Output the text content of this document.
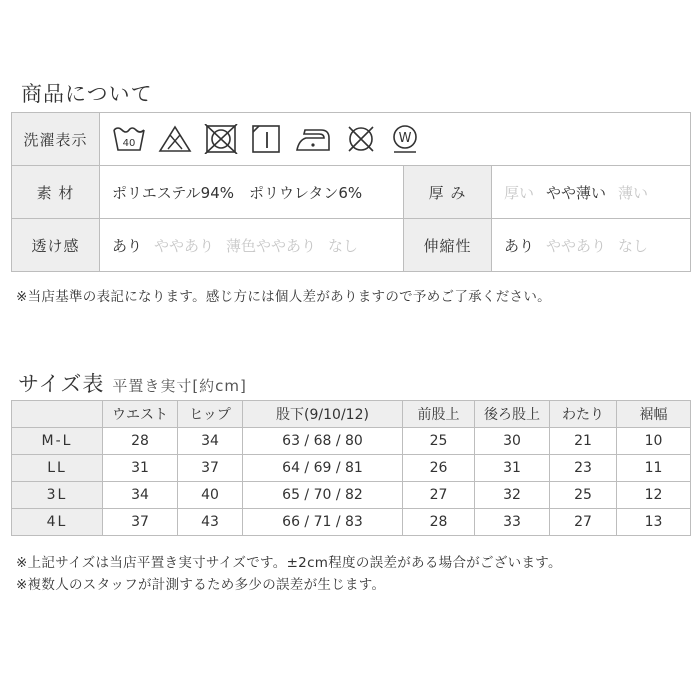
商品について
洗濯表示	40 W		

素 材	ポリエステル94%　ポリウレタン6%	厚 み	厚い やや薄い 薄い
透け感	あり ややあり 薄色ややあり なし	伸縮性	あり ややあり なし
※当店基準の表記になります。感じ方には個人差がありますので予めご了承ください。
サイズ表 平置き実寸[約cm]
	ウエスト	ヒップ	股下(9/10/12)	前股上	後ろ股上	わたり	裾幅
M-L	28	34	63 / 68 / 80	25	30	21	10
LL	31	37	64 / 69 / 81	26	31	23	11
3L	34	40	65 / 70 / 82	27	32	25	12
4L	37	43	66 / 71 / 83	28	33	27	13
※上記サイズは当店平置き実寸サイズです。±2cm程度の誤差がある場合がございます。
※複数人のスタッフが計測するため多少の誤差が生じます。
